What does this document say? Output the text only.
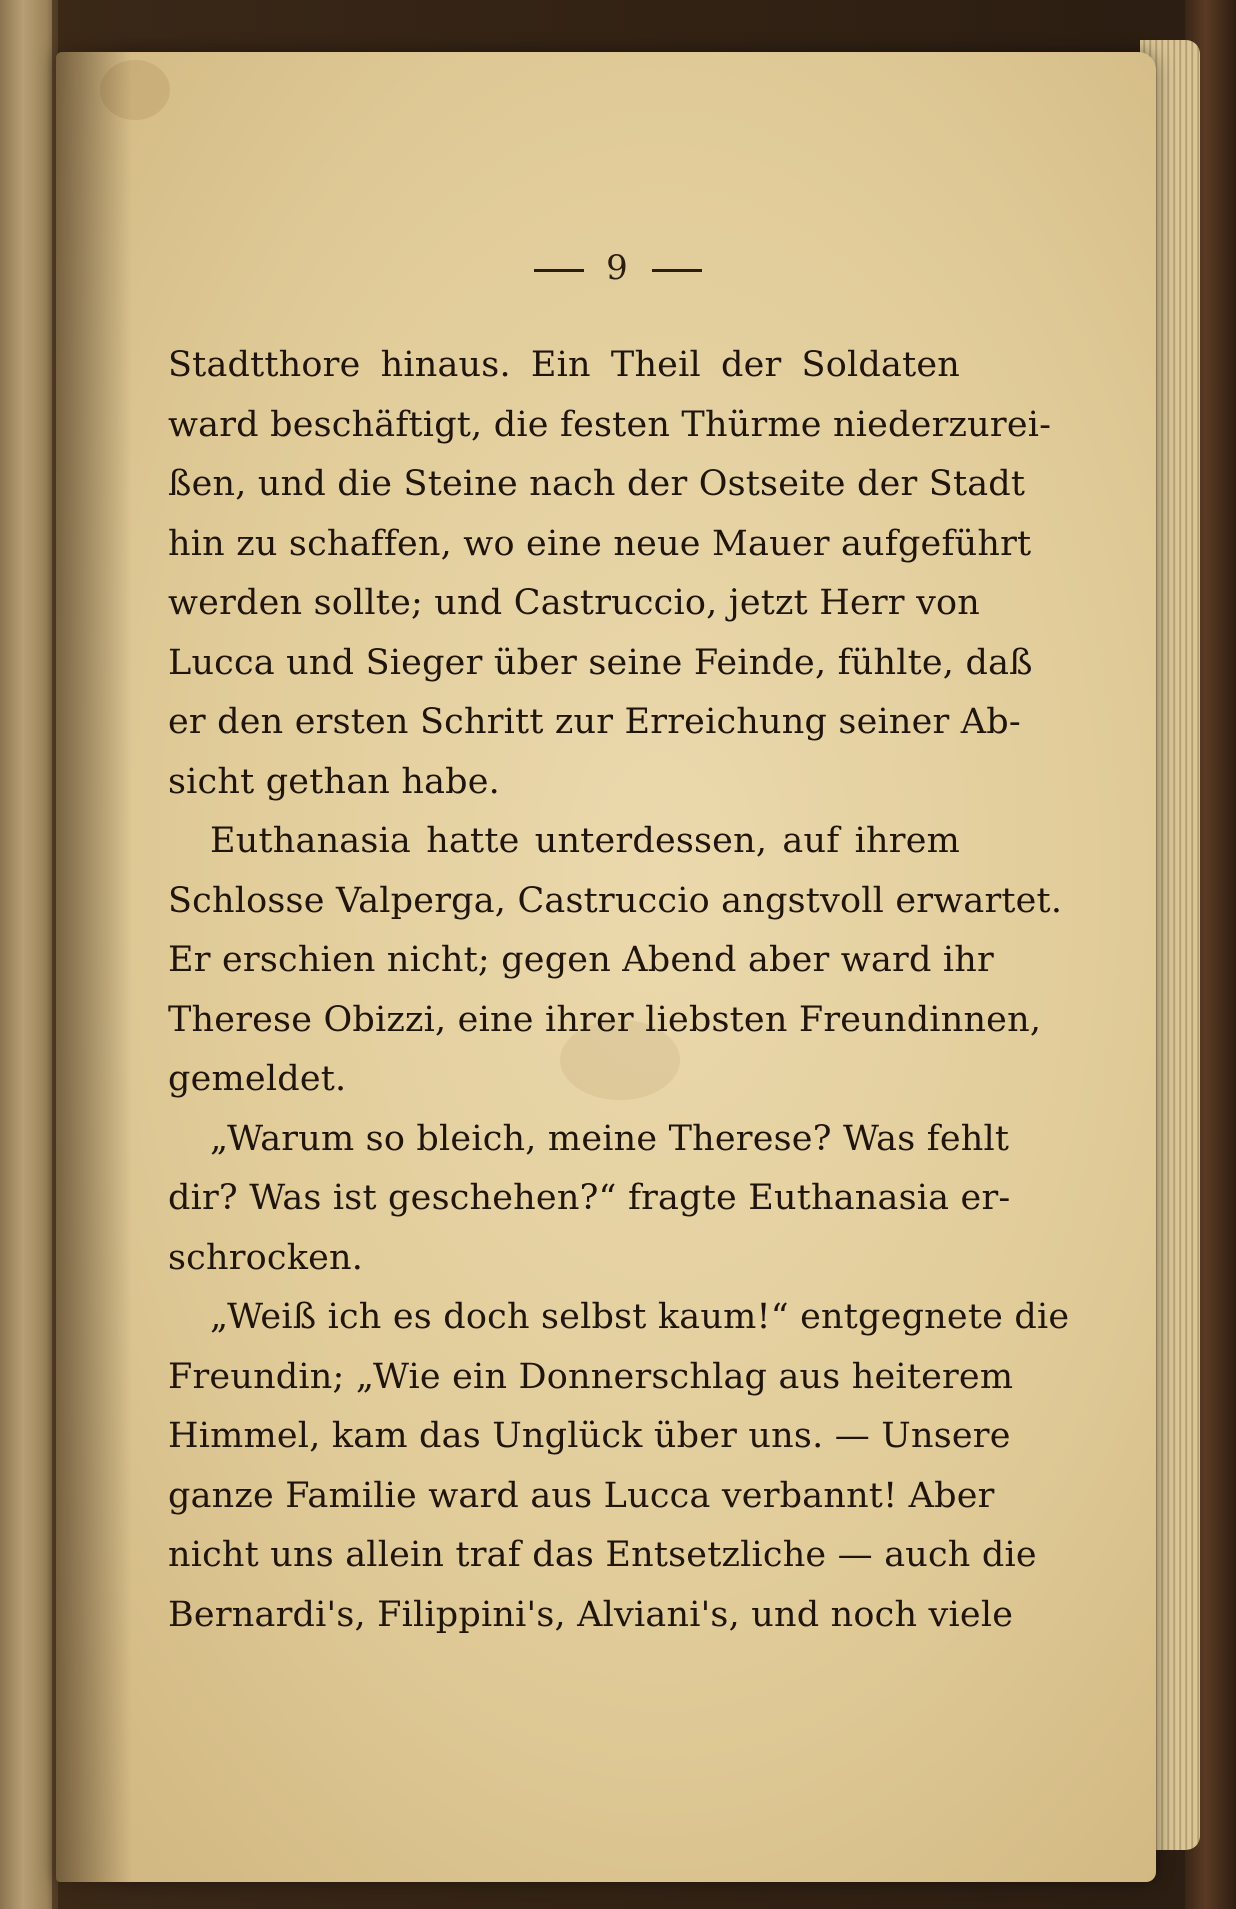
9
Stadtthore hinaus. Ein Theil der Soldaten
ward beschäftigt, die festen Thürme niederzurei-
ßen, und die Steine nach der Ostseite der Stadt
hin zu schaffen, wo eine neue Mauer aufgeführt
werden sollte; und Castruccio, jetzt Herr von
Lucca und Sieger über seine Feinde, fühlte, daß
er den ersten Schritt zur Erreichung seiner Ab-
sicht gethan habe.
Euthanasia hatte unterdessen, auf ihrem
Schlosse Valperga, Castruccio angstvoll erwartet.
Er erschien nicht; gegen Abend aber ward ihr
Therese Obizzi, eine ihrer liebsten Freundinnen,
gemeldet.
„Warum so bleich, meine Therese? Was fehlt
dir? Was ist geschehen?“ fragte Euthanasia er-
schrocken.
„Weiß ich es doch selbst kaum!“ entgegnete die
Freundin; „Wie ein Donnerschlag aus heiterem
Himmel, kam das Unglück über uns. — Unsere
ganze Familie ward aus Lucca verbannt! Aber
nicht uns allein traf das Entsetzliche — auch die
Bernardi's, Filippini's, Alviani's, und noch viele
